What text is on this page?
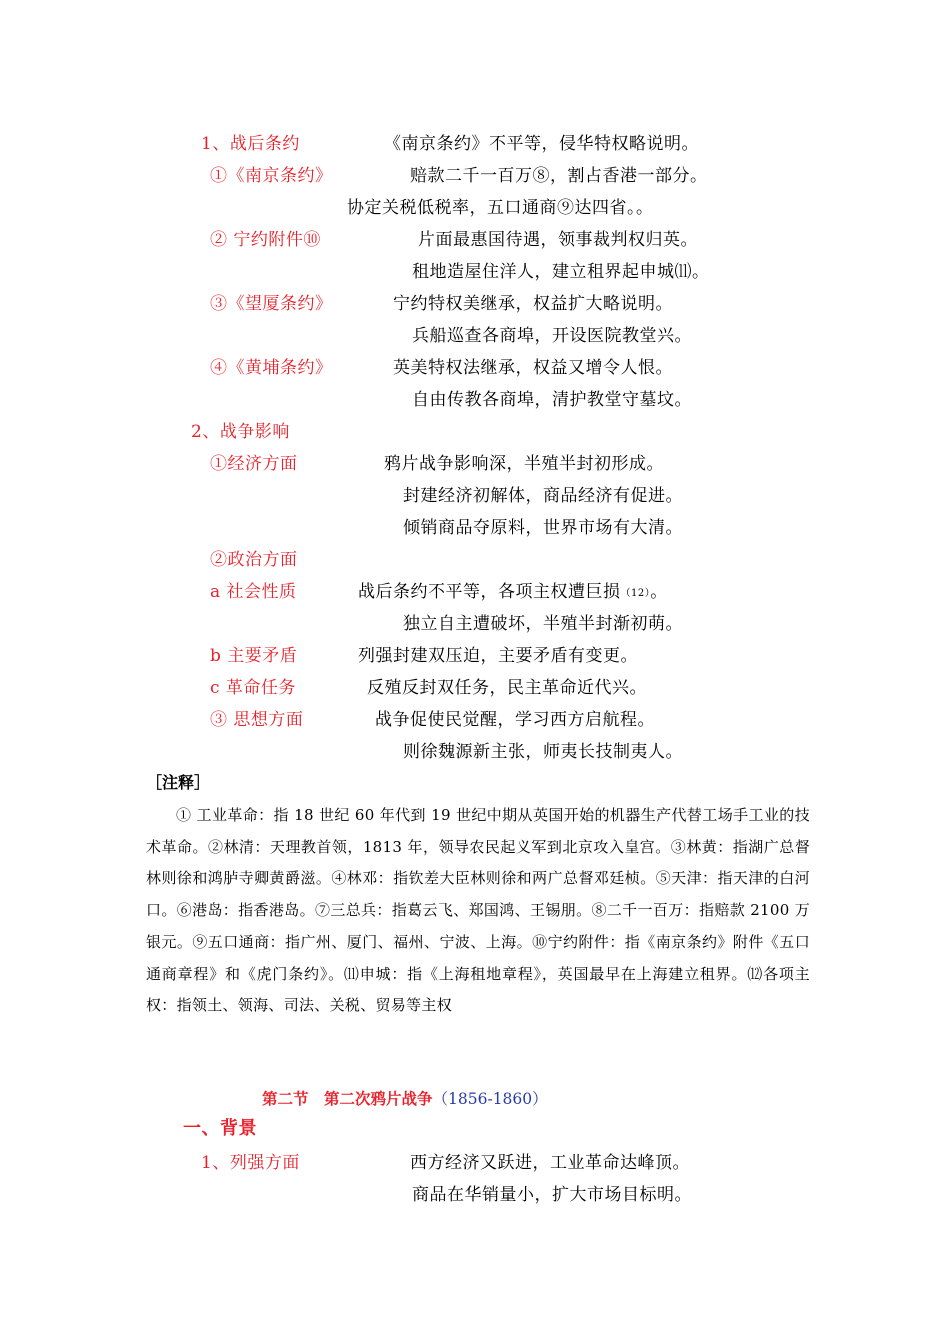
1、战后条约	《南京条约》不平等，侵华特权略说明。
①《南京条约》	赔款二千一百万⑧，割占香港一部分。
协定关税低税率，五口通商⑨达四省。。
② 宁约附件⑩	片面最惠国待遇，领事裁判权归英。
租地造屋住洋人，建立租界起申城⑾。
③《望厦条约》	宁约特权美继承，权益扩大略说明。
兵船巡查各商埠，开设医院教堂兴。
④《黄埔条约》	英美特权法继承，权益又增令人恨。
自由传教各商埠，清护教堂守墓坟。
2、战争影响
①经济方面	鸦片战争影响深，半殖半封初形成。
封建经济初解体，商品经济有促进。
倾销商品夺原料，世界市场有大清。
②政治方面
a 社会性质	战后条约不平等，各项主权遭巨损（12）。
独立自主遭破坏，半殖半封渐初萌。
b 主要矛盾	列强封建双压迫，主要矛盾有变更。
c 革命任务	反殖反封双任务，民主革命近代兴。
③ 思想方面	战争促使民觉醒，学习西方启航程。
则徐魏源新主张，师夷长技制夷人。
［注释］
① 工业革命：指 18 世纪 60 年代到 19 世纪中期从英国开始的机器生产代替工场手工业的技术革命。②林清：天理教首领，1813 年，领导农民起义军到北京攻入皇宫。③林黄：指湖广总督林则徐和鸿胪寺卿黄爵滋。④林邓：指钦差大臣林则徐和两广总督邓廷桢。⑤天津：指天津的白河口。⑥港岛：指香港岛。⑦三总兵：指葛云飞、郑国鸿、王锡朋。⑧二千一百万：指赔款 2100 万银元。⑨五口通商：指广州、厦门、福州、宁波、上海。⑩宁约附件：指《南京条约》附件《五口通商章程》和《虎门条约》。⑾申城：指《上海租地章程》，英国最早在上海建立租界。⑿各项主权：指领土、领海、司法、关税、贸易等主权
第二节　第二次鸦片战争（1856-1860）
一、背景
1、列强方面	西方经济又跃进，工业革命达峰顶。
商品在华销量小，扩大市场目标明。
